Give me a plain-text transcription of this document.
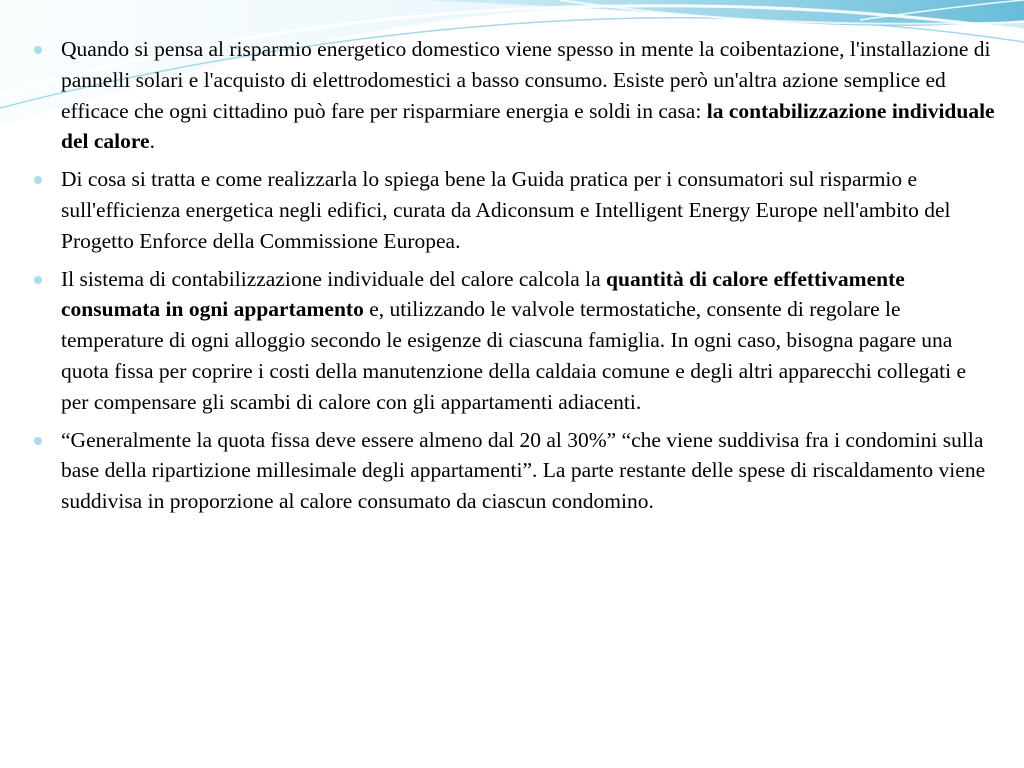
Quando si pensa al risparmio energetico domestico viene spesso in mente la coibentazione, l'installazione di pannelli solari e l'acquisto di elettrodomestici a basso consumo. Esiste però un'altra azione semplice ed efficace che ogni cittadino può fare per risparmiare energia e soldi in casa: la contabilizzazione individuale del calore.
Di cosa si tratta e come realizzarla lo spiega bene la Guida pratica per i consumatori sul risparmio e sull'efficienza energetica negli edifici, curata da Adiconsum e Intelligent Energy Europe nell'ambito del Progetto Enforce della Commissione Europea.
Il sistema di contabilizzazione individuale del calore calcola la quantità di calore effettivamente consumata in ogni appartamento e, utilizzando le valvole termostatiche, consente di regolare le temperature di ogni alloggio secondo le esigenze di ciascuna famiglia. In ogni caso, bisogna pagare una quota fissa per coprire i costi della manutenzione della caldaia comune e degli altri apparecchi collegati e per compensare gli scambi di calore con gli appartamenti adiacenti.
“Generalmente la quota fissa deve essere almeno dal 20 al 30%” “che viene suddivisa fra i condomini sulla base della ripartizione millesimale degli appartamenti”. La parte restante delle spese di riscaldamento viene suddivisa in proporzione al calore consumato da ciascun condomino.
